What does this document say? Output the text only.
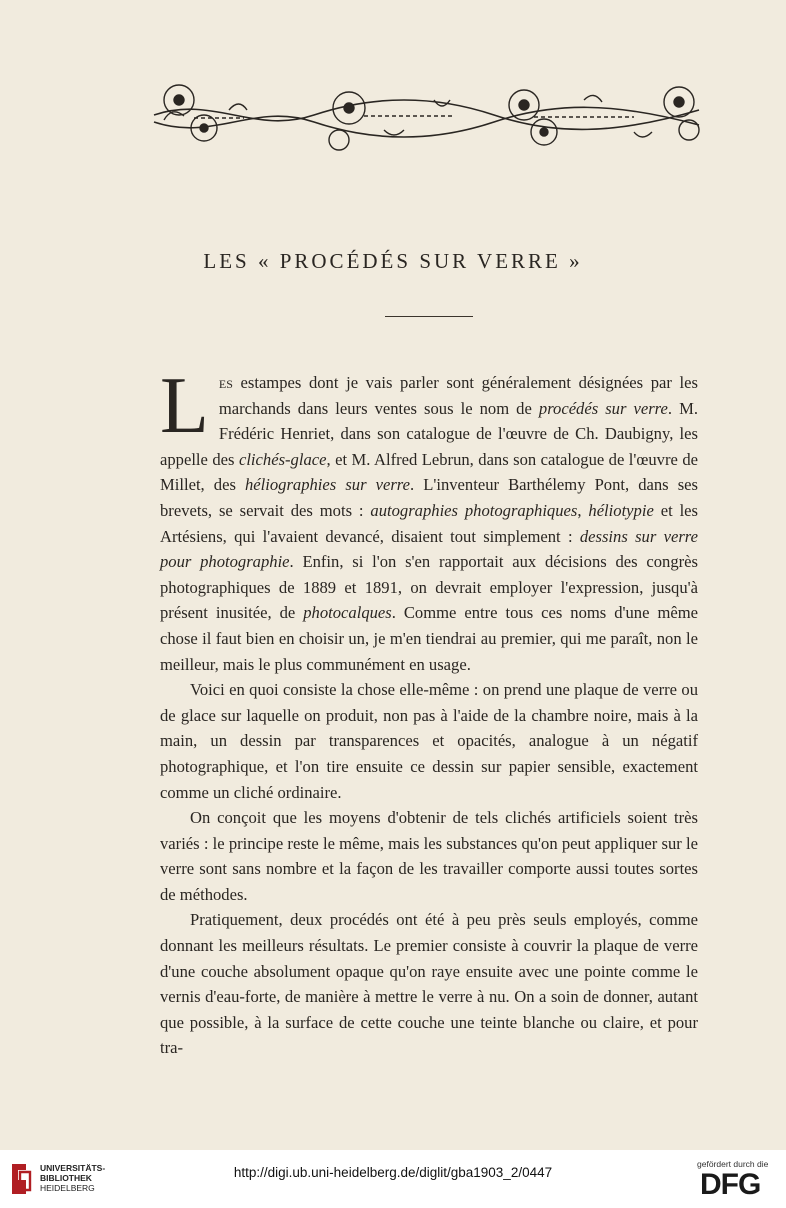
LES « PROCÉDÉS SUR VERRE »

Les estampes dont je vais parler sont généralement désignées par les marchands dans leurs ventes sous le nom de procédés sur verre. M. Frédéric Henriet, dans son catalogue de l'œuvre de Ch. Daubigny, les appelle des clichés-glace, et M. Alfred Lebrun, dans son catalogue de l'œuvre de Millet, des héliographies sur verre. L'inventeur Barthélemy Pont, dans ses brevets, se servait des mots : autographies photographiques, héliotypie et les Artésiens, qui l'avaient devancé, disaient tout simplement : dessins sur verre pour photographie. Enfin, si l'on s'en rapportait aux décisions des congrès photographiques de 1889 et 1891, on devrait employer l'expression, jusqu'à présent inusitée, de photocalques. Comme entre tous ces noms d'une même chose il faut bien en choisir un, je m'en tiendrai au premier, qui me paraît, non le meilleur, mais le plus communément en usage.

Voici en quoi consiste la chose elle-même : on prend une plaque de verre ou de glace sur laquelle on produit, non pas à l'aide de la chambre noire, mais à la main, un dessin par transparences et opacités, analogue à un négatif photographique, et l'on tire ensuite ce dessin sur papier sensible, exactement comme un cliché ordinaire.

On conçoit que les moyens d'obtenir de tels clichés artificiels soient très variés : le principe reste le même, mais les substances qu'on peut appliquer sur le verre sont sans nombre et la façon de les travailler comporte aussi toutes sortes de méthodes.

Pratiquement, deux procédés ont été à peu près seuls employés, comme donnant les meilleurs résultats. Le premier consiste à couvrir la plaque de verre d'une couche absolument opaque qu'on raye ensuite avec une pointe comme le vernis d'eau-forte, de manière à mettre le verre à nu. On a soin de donner, autant que possible, à la surface de cette couche une teinte blanche ou claire, et pour tra-

UNIVERSITÄTS-
BIBLIOTHEK
HEIDELBERG
http://digi.ub.uni-heidelberg.de/diglit/gba1903_2/0447
gefördert durch die
DFG
